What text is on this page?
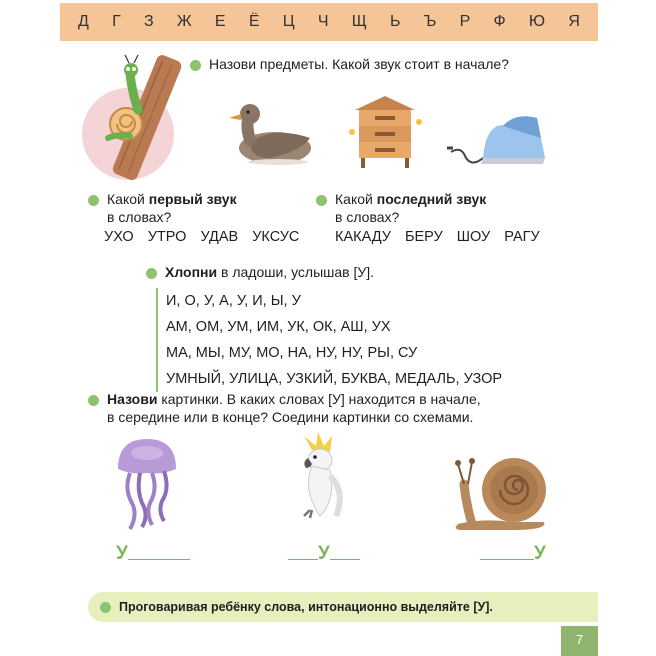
Д Г З Ж Е Ё Ц Ч Щ Ь Ъ Р Ф Ю Я
Назови предметы. Какой звук стоит в начале?
Какой первый звук
в словах?
УХО УТРО УДАВ УКСУС
Какой последний звук
в словах?
КАКАДУ БЕРУ ШОУ РАГУ
Хлопни в ладоши, услышав [У].
И, О, У, А, У, И, Ы, У
АМ, ОМ, УМ, ИМ, УК, ОК, АШ, УХ
МА, МЫ, МУ, МО, НА, НУ, НУ, РЫ, СУ
УМНЫЙ, УЛИЦА, УЗКИЙ, БУКВА, МЕДАЛЬ, УЗОР
Назови картинки. В каких словах [У] находится в начале,
в середине или в конце? Соедини картинки со схемами.
У	У	У
Проговаривая ребёнку слова, интонационно выделяйте [У].
7
